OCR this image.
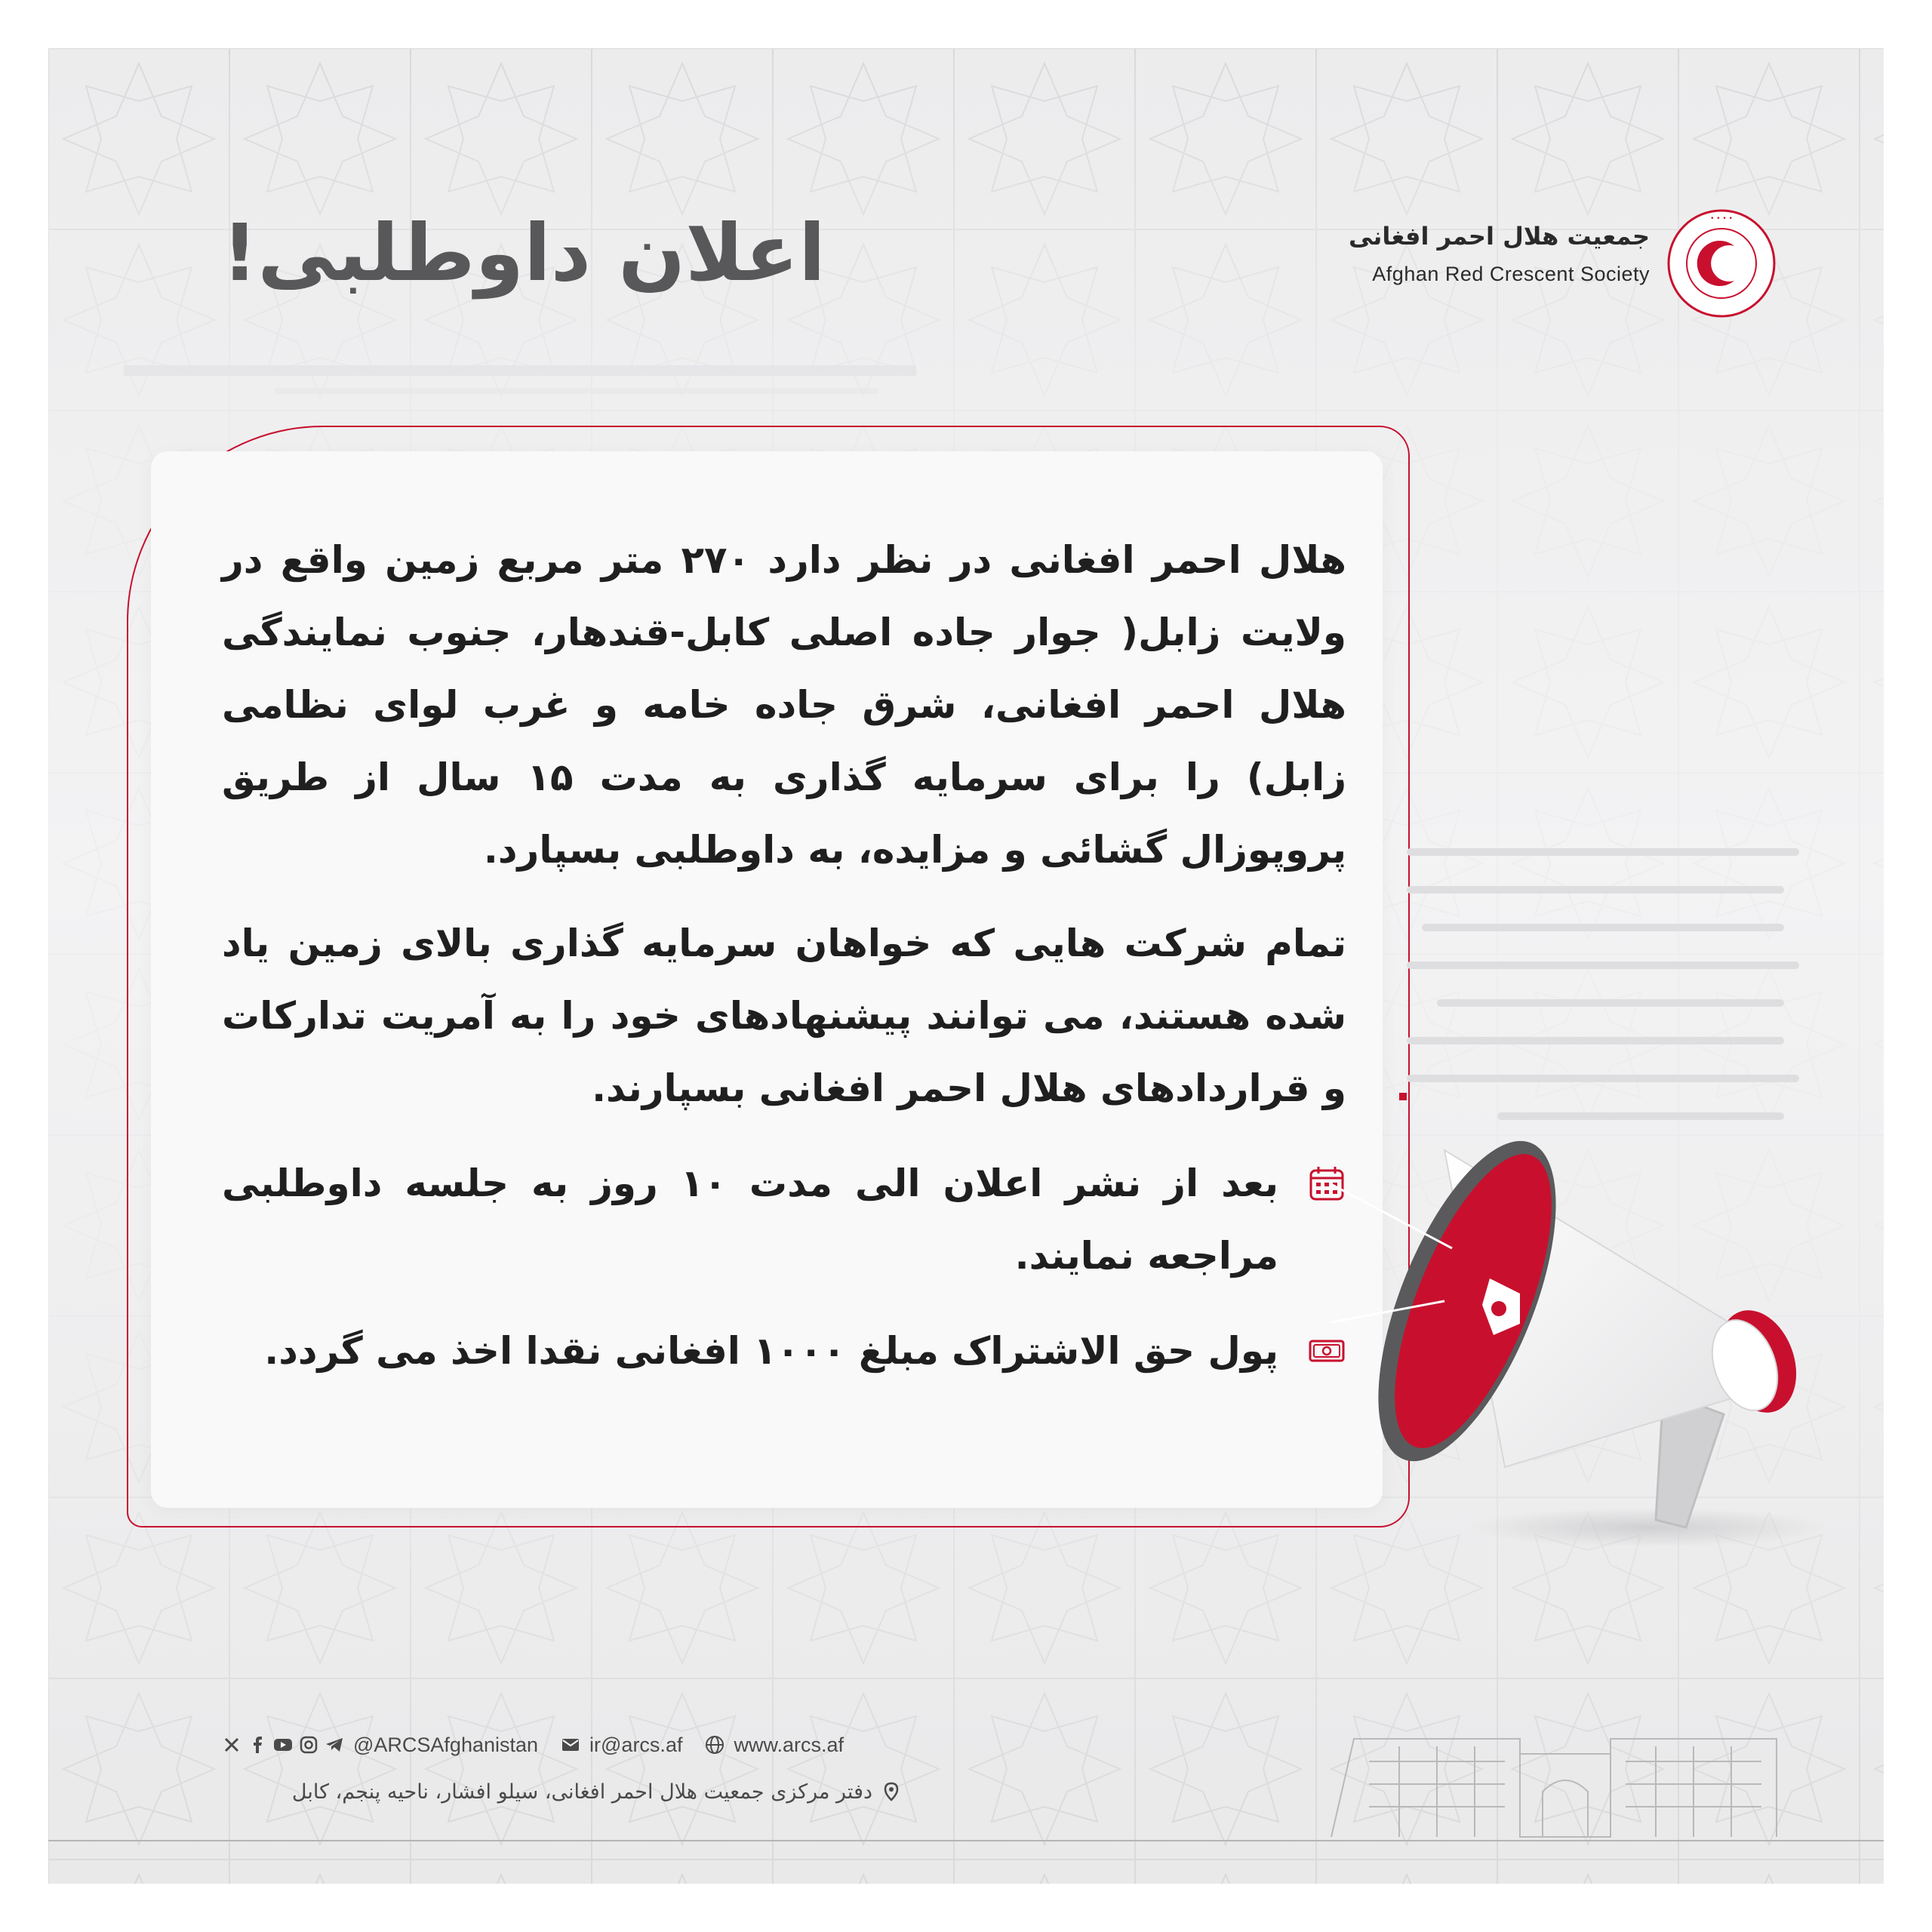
اعلان داوطلبی!	جمعیت هلال احمر افغانی
Afghan Red Crescent Society
• • • •

هلال احمر افغانی در نظر دارد ۲۷۰ متر مربع زمین واقع در ولایت زابل( جوار جاده اصلی کابل-قندهار، جنوب نمایندگی هلال احمر افغانی، شرق جاده خامه و غرب لوای نظامی زابل) را برای سرمایه گذاری به مدت ۱۵ سال از طریق پروپوزال گشائی و مزایده، به داوطلبی بسپارد.

تمام شرکت هایی که خواهان سرمایه گذاری بالای زمین یاد شده هستند، می توانند پیشنهادهای خود را به آمریت تدارکات و قراردادهای هلال احمر افغانی بسپارند.

بعد از نشر اعلان الی مدت ۱۰ روز به جلسه داوطلبی مراجعه نمایند.
پول حق الاشتراک مبلغ ۱۰۰۰ افغانی نقدا اخذ می گردد.
www.arcs.af
ir@arcs.af
@ARCSAfghanistan
دفتر مرکزی جمعیت هلال احمر افغانی، سیلو افشار، ناحیه پنجم، کابل
